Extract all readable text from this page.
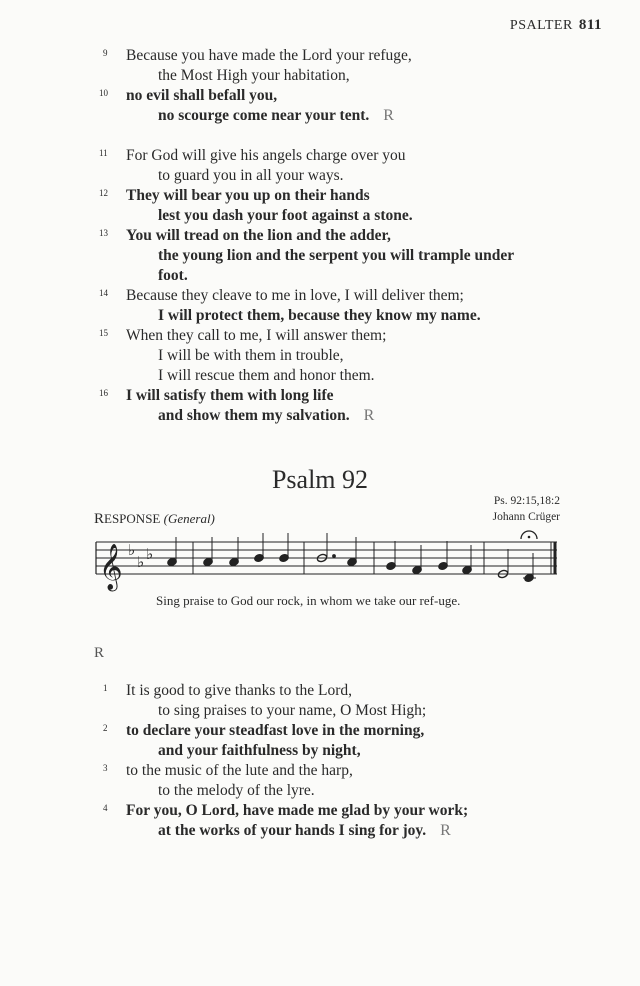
PSALTER 811
9 Because you have made the Lord your refuge,
the Most High your habitation,
10 no evil shall befall you,
no scourge come near your tent. R
11 For God will give his angels charge over you
to guard you in all your ways.
12 They will bear you up on their hands
lest you dash your foot against a stone.
13 You will tread on the lion and the adder,
the young lion and the serpent you will trample under
foot.
14 Because they cleave to me in love, I will deliver them;
I will protect them, because they know my name.
15 When they call to me, I will answer them;
I will be with them in trouble,
I will rescue them and honor them.
16 I will satisfy them with long life
and show them my salvation. R
Psalm 92
Ps. 92:15,18:2
Johann Crüger
RESPONSE (General)
𝄞 ♭
♭ ♭
Sing praise to God our rock, in whom we take our ref-uge.
R
1 It is good to give thanks to the Lord,
to sing praises to your name, O Most High;
2 to declare your steadfast love in the morning,
and your faithfulness by night,
3 to the music of the lute and the harp,
to the melody of the lyre.
4 For you, O Lord, have made me glad by your work;
at the works of your hands I sing for joy. R
